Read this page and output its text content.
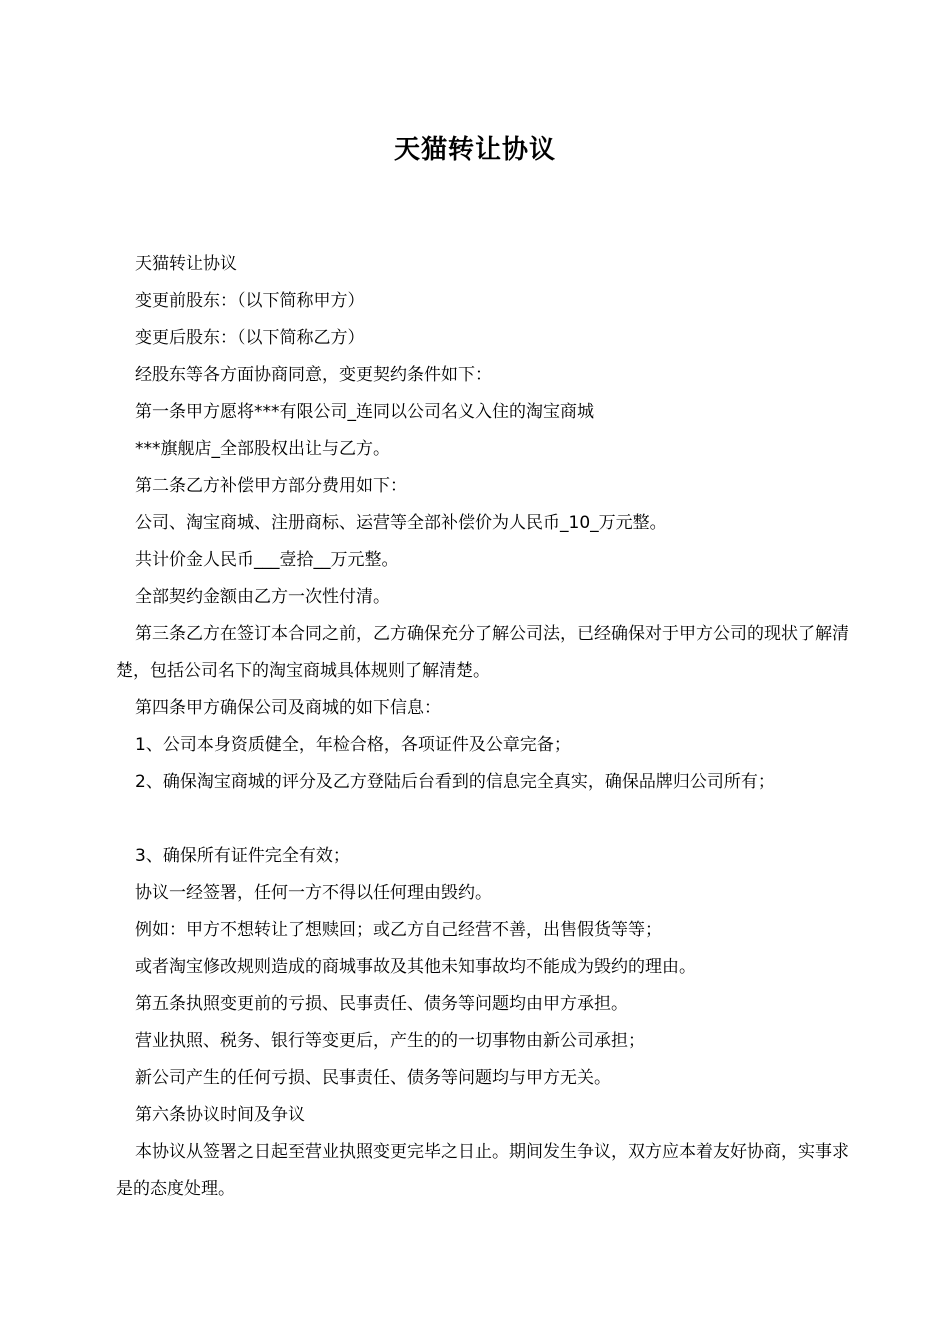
天猫转让协议

天猫转让协议

变更前股东：（以下简称甲方）

变更后股东：（以下简称乙方）

经股东等各方面协商同意，变更契约条件如下：

第一条甲方愿将***有限公司_连同以公司名义入住的淘宝商城

***旗舰店_全部股权出让与乙方。

第二条乙方补偿甲方部分费用如下：

公司、淘宝商城、注册商标、运营等全部补偿价为人民币_10_万元整。

共计价金人民币___壹拾__万元整。

全部契约金额由乙方一次性付清。

第三条乙方在签订本合同之前，乙方确保充分了解公司法，已经确保对于甲方公司的现状了解清楚，包括公司名下的淘宝商城具体规则了解清楚。

第四条甲方确保公司及商城的如下信息：

1、公司本身资质健全，年检合格，各项证件及公章完备；

2、确保淘宝商城的评分及乙方登陆后台看到的信息完全真实，确保品牌归公司所有；

3、确保所有证件完全有效；

协议一经签署，任何一方不得以任何理由毁约。

例如：甲方不想转让了想赎回；或乙方自己经营不善，出售假货等等；

或者淘宝修改规则造成的商城事故及其他未知事故均不能成为毁约的理由。

第五条执照变更前的亏损、民事责任、债务等问题均由甲方承担。

营业执照、税务、银行等变更后，产生的的一切事物由新公司承担；

新公司产生的任何亏损、民事责任、债务等问题均与甲方无关。

第六条协议时间及争议

本协议从签署之日起至营业执照变更完毕之日止。期间发生争议，双方应本着友好协商，实事求是的态度处理。
